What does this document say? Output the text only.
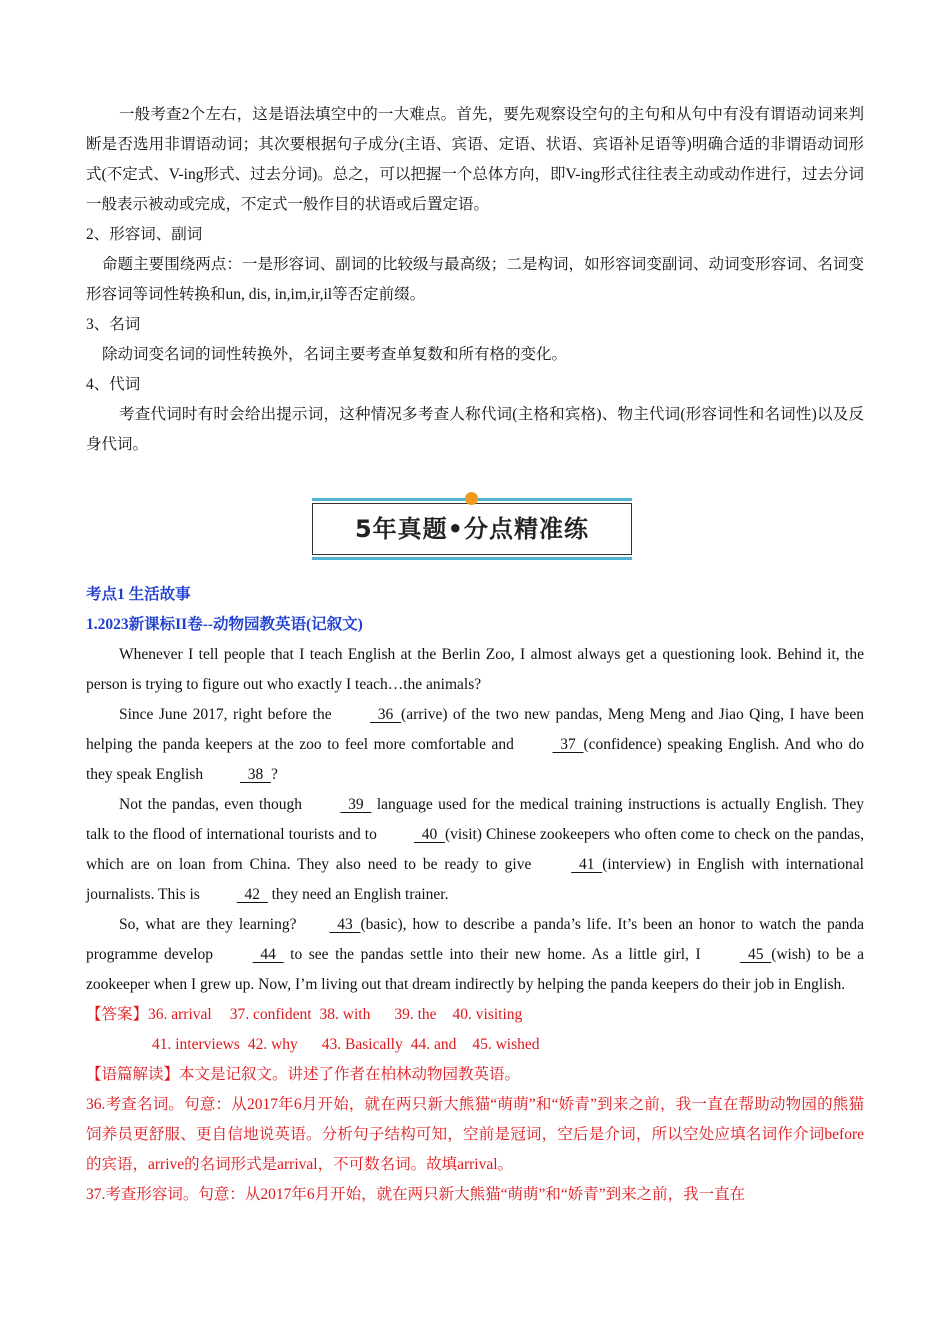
一般考查2个左右，这是语法填空中的一大难点。首先，要先观察设空句的主句和从句中有没有谓语动词来判断是否选用非谓语动词；其次要根据句子成分(主语、宾语、定语、状语、宾语补足语等)明确合适的非谓语动词形式(不定式、V-ing形式、过去分词)。总之，可以把握一个总体方向，即V-ing形式往往表主动或动作进行，过去分词一般表示被动或完成，不定式一般作目的状语或后置定语。

2、形容词、副词

命题主要围绕两点：一是形容词、副词的比较级与最高级；二是构词，如形容词变副词、动词变形容词、名词变形容词等词性转换和un, dis, in,im,ir,il等否定前缀。

3、名词

除动词变名词的词性转换外，名词主要考查单复数和所有格的变化。

4、代词

考查代词时有时会给出提示词，这种情况多考查人称代词(主格和宾格)、物主代词(形容词性和名词性)以及反身代词。

5年真题•分点精准练

考点1 生活故事

1.2023新课标II卷--动物园教英语(记叙文)

Whenever I tell people that I teach English at the Berlin Zoo, I almost always get a questioning look. Behind it, the person is trying to figure out who exactly I teach…the animals?

Since June 2017, right before the   36  (arrive) of the two new pandas, Meng Meng and Jiao Qing, I have been helping the panda keepers at the zoo to feel more comfortable and   37  (confidence) speaking English. And who do they speak English   38  ?

Not the pandas, even though   39   language used for the medical training instructions is actually English. They talk to the flood of international tourists and to   40  (visit) Chinese zookeepers who often come to check on the pandas, which are on loan from China. They also need to be ready to give   41  (interview) in English with international journalists. This is   42   they need an English trainer.

So, what are they learning?  43  (basic), how to describe a panda’s life. It’s been an honor to watch the panda programme develop   44   to see the pandas settle into their new home. As a little girl, I   45  (wish) to be a zookeeper when I grew up. Now, I’m living out that dream indirectly by helping the panda keepers do their job in English.

【答案】36. arrival 37. confident 38. with 39. the 40. visiting

41. interviews 42. why 43. Basically 44. and 45. wished

【语篇解读】本文是记叙文。讲述了作者在柏林动物园教英语。

36.考查名词。句意：从2017年6月开始，就在两只新大熊猫“萌萌”和“娇青”到来之前，我一直在帮助动物园的熊猫饲养员更舒服、更自信地说英语。分析句子结构可知，空前是冠词，空后是介词，所以空处应填名词作介词before的宾语，arrive的名词形式是arrival，不可数名词。故填arrival。

37.考查形容词。句意：从2017年6月开始，就在两只新大熊猫“萌萌”和“娇青”到来之前，我一直在
